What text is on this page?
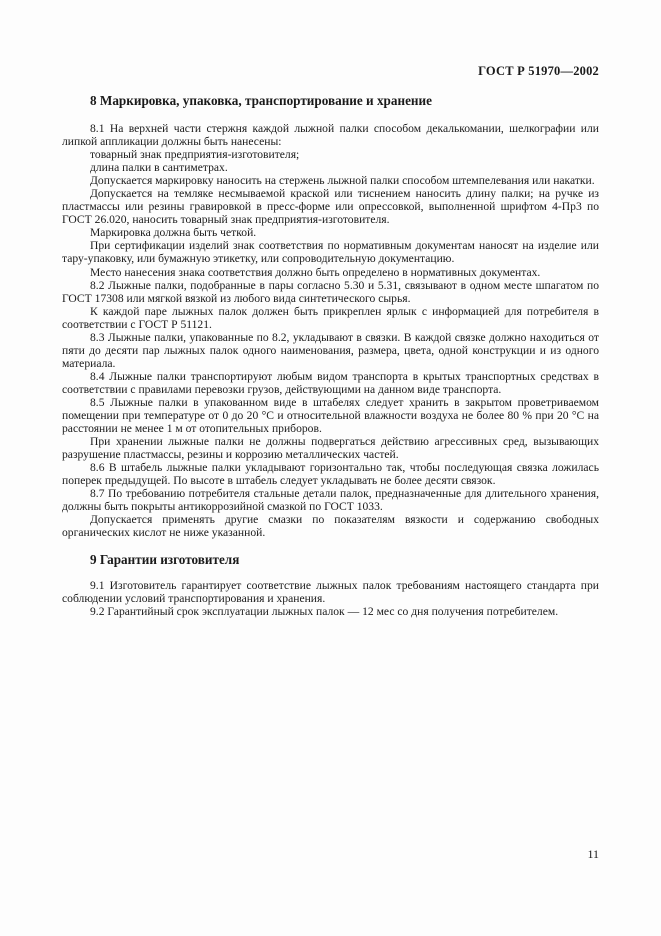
ГОСТ Р 51970—2002
8 Маркировка, упаковка, транспортирование и хранение

8.1 На верхней части стержня каждой лыжной палки способом декалькомании, шелкографии или липкой аппликации должны быть нанесены:

товарный знак предприятия-изготовителя;

длина палки в сантиметрах.

Допускается маркировку наносить на стержень лыжной палки способом штемпелевания или накатки.

Допускается на темляке несмываемой краской или тиснением наносить длину палки; на ручке из пластмассы или резины гравировкой в пресс-форме или опрессовкой, выполненной шрифтом 4-Пр3 по ГОСТ 26.020, наносить товарный знак предприятия-изготовителя.

Маркировка должна быть четкой.

При сертификации изделий знак соответствия по нормативным документам наносят на изделие или тару-упаковку, или бумажную этикетку, или сопроводительную документацию.

Место нанесения знака соответствия должно быть определено в нормативных документах.

8.2 Лыжные палки, подобранные в пары согласно 5.30 и 5.31, связывают в одном месте шпагатом по ГОСТ 17308 или мягкой вязкой из любого вида синтетического сырья.

К каждой паре лыжных палок должен быть прикреплен ярлык с информацией для потребителя в соответствии с ГОСТ Р 51121.

8.3 Лыжные палки, упакованные по 8.2, укладывают в связки. В каждой связке должно находиться от пяти до десяти пар лыжных палок одного наименования, размера, цвета, одной конструкции и из одного материала.

8.4 Лыжные палки транспортируют любым видом транспорта в крытых транспортных средствах в соответствии с правилами перевозки грузов, действующими на данном виде транспорта.

8.5 Лыжные палки в упакованном виде в штабелях следует хранить в закрытом проветриваемом помещении при температуре от 0 до 20 °С и относительной влажности воздуха не более 80 % при 20 °С на расстоянии не менее 1 м от отопительных приборов.

При хранении лыжные палки не должны подвергаться действию агрессивных сред, вызывающих разрушение пластмассы, резины и коррозию металлических частей.

8.6 В штабель лыжные палки укладывают горизонтально так, чтобы последующая связка ложилась поперек предыдущей. По высоте в штабель следует укладывать не более десяти связок.

8.7 По требованию потребителя стальные детали палок, предназначенные для длительного хранения, должны быть покрыты антикоррозийной смазкой по ГОСТ 1033.

Допускается применять другие смазки по показателям вязкости и содержанию свободных органических кислот не ниже указанной.

9 Гарантии изготовителя

9.1 Изготовитель гарантирует соответствие лыжных палок требованиям настоящего стандарта при соблюдении условий транспортирования и хранения.

9.2 Гарантийный срок эксплуатации лыжных палок — 12 мес со дня получения потребителем.

11
